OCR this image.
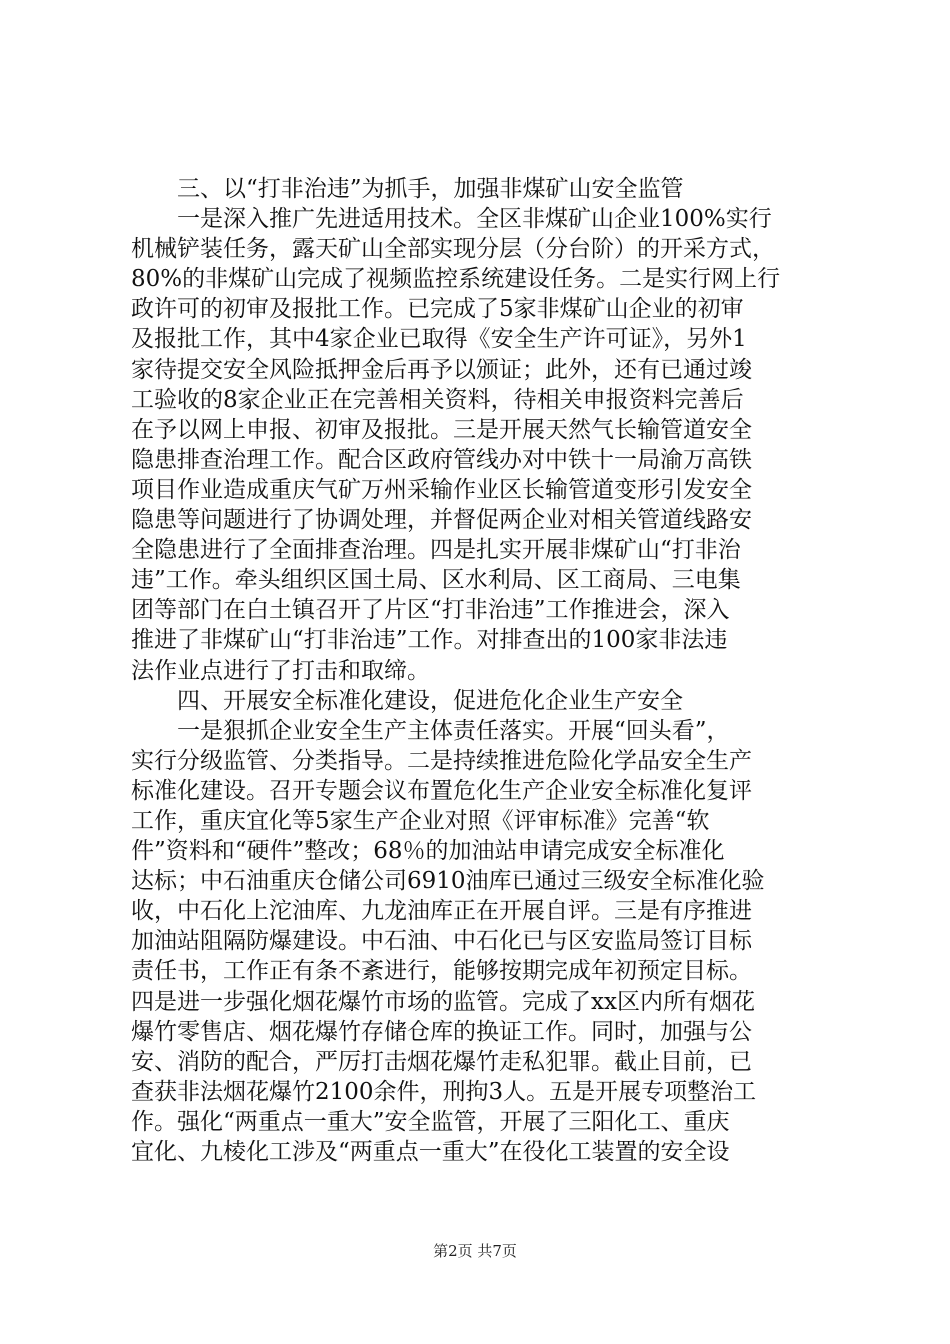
三、以“打非治违”为抓手，加强非煤矿山安全监管
一是深入推广先进适用技术。全区非煤矿山企业100%实行
机械铲装任务，露天矿山全部实现分层（分台阶）的开采方式，
80%的非煤矿山完成了视频监控系统建设任务。二是实行网上行
政许可的初审及报批工作。已完成了5家非煤矿山企业的初审
及报批工作，其中4家企业已取得《安全生产许可证》，另外1
家待提交安全风险抵押金后再予以颁证；此外，还有已通过竣
工验收的8家企业正在完善相关资料，待相关申报资料完善后
在予以网上申报、初审及报批。三是开展天然气长输管道安全
隐患排查治理工作。配合区政府管线办对中铁十一局渝万高铁
项目作业造成重庆气矿万州采输作业区长输管道变形引发安全
隐患等问题进行了协调处理，并督促两企业对相关管道线路安
全隐患进行了全面排查治理。四是扎实开展非煤矿山“打非治
违”工作。牵头组织区国土局、区水利局、区工商局、三电集
团等部门在白土镇召开了片区“打非治违”工作推进会，深入
推进了非煤矿山“打非治违”工作。对排查出的100家非法违
法作业点进行了打击和取缔。
四、开展安全标准化建设，促进危化企业生产安全
一是狠抓企业安全生产主体责任落实。开展“回头看”，
实行分级监管、分类指导。二是持续推进危险化学品安全生产
标准化建设。召开专题会议布置危化生产企业安全标准化复评
工作，重庆宜化等5家生产企业对照《评审标准》完善“软
件”资料和“硬件”整改；68％的加油站申请完成安全标准化
达标；中石油重庆仓储公司6910油库已通过三级安全标准化验
收，中石化上沱油库、九龙油库正在开展自评。三是有序推进
加油站阻隔防爆建设。中石油、中石化已与区安监局签订目标
责任书，工作正有条不紊进行，能够按期完成年初预定目标。
四是进一步强化烟花爆竹市场的监管。完成了xx区内所有烟花
爆竹零售店、烟花爆竹存储仓库的换证工作。同时，加强与公
安、消防的配合，严厉打击烟花爆竹走私犯罪。截止目前，已
查获非法烟花爆竹2100余件，刑拘3人。五是开展专项整治工
作。强化“两重点一重大”安全监管，开展了三阳化工、重庆
宜化、九棱化工涉及“两重点一重大”在役化工装置的安全设
第2页 共7页
